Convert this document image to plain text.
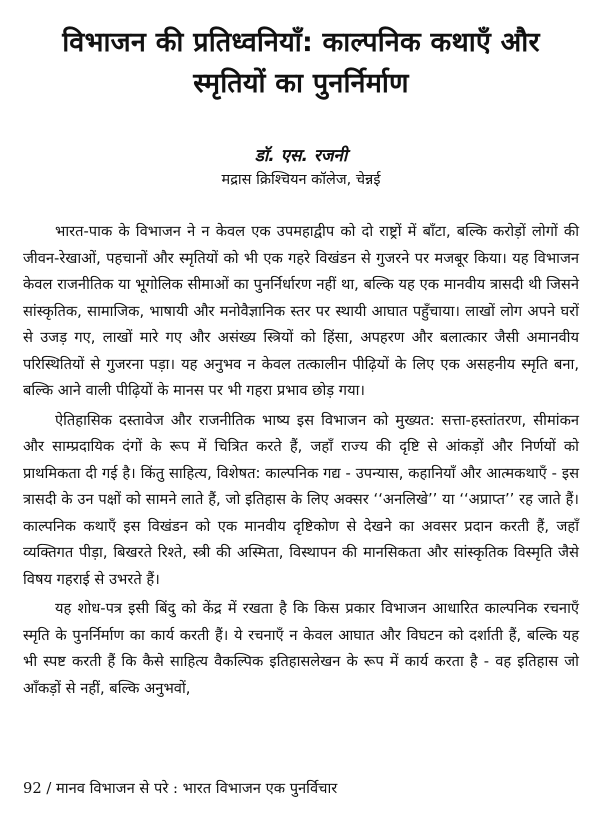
विभाजन की प्रतिध्वनियाँ: काल्पनिक कथाएँ और
स्मृतियों का पुनर्निर्माण
डॉ. एस. रजनी
मद्रास क्रिश्चियन कॉलेज, चेन्नई

भारत-पाक के विभाजन ने न केवल एक उपमहाद्वीप को दो राष्ट्रों में बाँटा, बल्कि करोड़ों लोगों की जीवन-रेखाओं, पहचानों और स्मृतियों को भी एक गहरे विखंडन से गुजरने पर मजबूर किया। यह विभाजन केवल राजनीतिक या भूगोलिक सीमाओं का पुनर्निर्धारण नहीं था, बल्कि यह एक मानवीय त्रासदी थी जिसने सांस्कृतिक, सामाजिक, भाषायी और मनोवैज्ञानिक स्तर पर स्थायी आघात पहुँचाया। लाखों लोग अपने घरों से उजड़ गए, लाखों मारे गए और असंख्य स्त्रियों को हिंसा, अपहरण और बलात्कार जैसी अमानवीय परिस्थितियों से गुजरना पड़ा। यह अनुभव न केवल तत्कालीन पीढ़ियों के लिए एक असहनीय स्मृति बना, बल्कि आने वाली पीढ़ियों के मानस पर भी गहरा प्रभाव छोड़ गया।

ऐतिहासिक दस्तावेज और राजनीतिक भाष्य इस विभाजन को मुख्यत: सत्ता-हस्तांतरण, सीमांकन और साम्प्रदायिक दंगों के रूप में चित्रित करते हैं, जहाँ राज्य की दृष्टि से आंकड़ों और निर्णयों को प्राथमिकता दी गई है। किंतु साहित्य, विशेषत: काल्पनिक गद्य - उपन्यास, कहानियाँ और आत्मकथाएँ - इस त्रासदी के उन पक्षों को सामने लाते हैं, जो इतिहास के लिए अक्सर ‘‘अनलिखे’’ या ‘‘अप्राप्त’’ रह जाते हैं। काल्पनिक कथाएँ इस विखंडन को एक मानवीय दृष्टिकोण से देखने का अवसर प्रदान करती हैं, जहाँ व्यक्तिगत पीड़ा, बिखरते रिश्ते, स्त्री की अस्मिता, विस्थापन की मानसिकता और सांस्कृतिक विस्मृति जैसे विषय गहराई से उभरते हैं।

यह शोध-पत्र इसी बिंदु को केंद्र में रखता है कि किस प्रकार विभाजन आधारित काल्पनिक रचनाएँ स्मृति के पुनर्निर्माण का कार्य करती हैं। ये रचनाएँ न केवल आघात और विघटन को दर्शाती हैं, बल्कि यह भी स्पष्ट करती हैं कि कैसे साहित्य वैकल्पिक इतिहासलेखन के रूप में कार्य करता है - वह इतिहास जो आँकड़ों से नहीं, बल्कि अनुभवों,

92 / मानव विभाजन से परे : भारत विभाजन एक पुनर्विचार
